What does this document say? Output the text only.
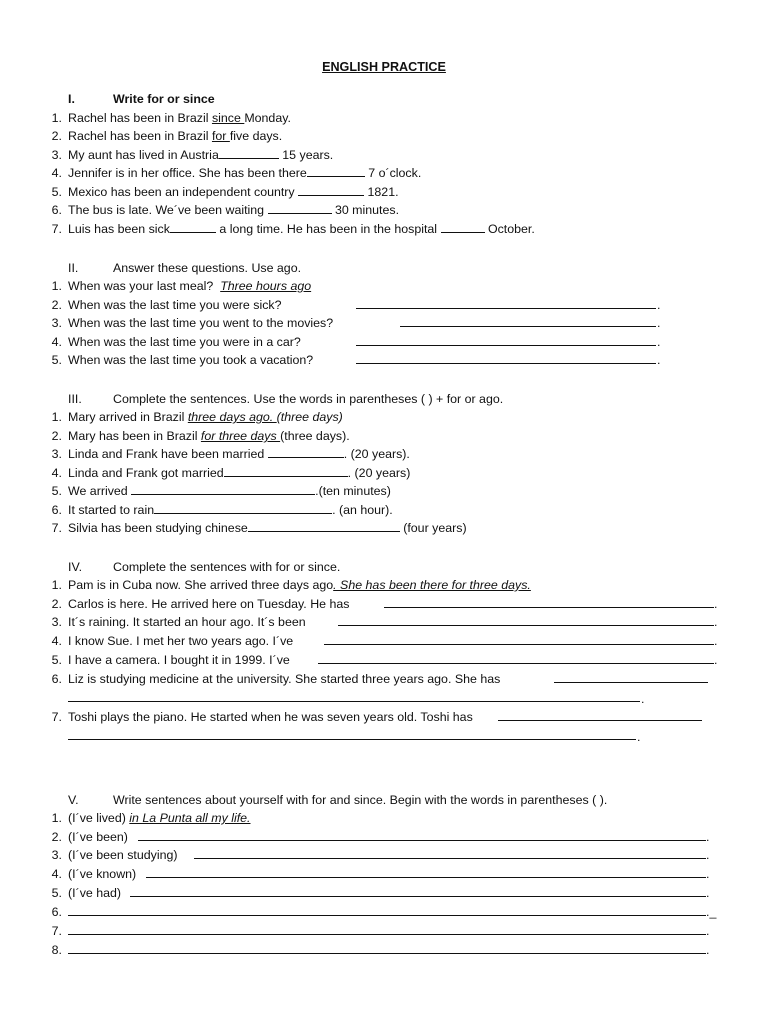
ENGLISH PRACTICE
I.	Write for or since
1. Rachel has been in Brazil since Monday.
2. Rachel has been in Brazil for five days.
3. My aunt has lived in Austria	15 years.
4. Jennifer is in her office. She has been there	7 o´clock.
5. Mexico has been an independent country	1821.
6. The bus is late. We´ve been waiting	30 minutes.
7. Luis has been sick	a long time. He has been in the hospital	October.
II.	Answer these questions. Use ago.
1. When was your last meal? Three hours ago
2. When was the last time you were sick?	.
3. When was the last time you went to the movies?	.
4. When was the last time you were in a car?	.
5. When was the last time you took a vacation?	.
III.	Complete the sentences. Use the words in parentheses ( ) + for or ago.
1. Mary arrived in Brazil three days ago. (three days)
2. Mary has been in Brazil for three days (three days).
3. Linda and Frank have been married	. (20 years).
4. Linda and Frank got married	. (20 years)
5. We arrived	.(ten minutes)
6. It started to rain	. (an hour).
7. Silvia has been studying chinese	(four years)
IV. Complete the sentences with for or since.
1. Pam is in Cuba now. She arrived three days ago. She has been there for three days.
2. Carlos is here. He arrived here on Tuesday. He has	.
3. It´s raining. It started an hour ago. It´s been	.
4. I know Sue. I met her two years ago. I´ve	.
5. I have a camera. I bought it in 1999. I´ve	.
6. Liz is studying medicine at the university. She started three years ago. She has
.
7. Toshi plays the piano. He started when he was seven years old. Toshi has
.
V.	Write sentences about yourself with for and since. Begin with the words in parentheses ( ).
1. (I´ve lived) in La Punta all my life.
2. (I´ve been)	.
3. (I´ve been studying)	.
4. (I´ve known)	.
5. (I´ve had)	.
6.	._
7.	.
8.	.
